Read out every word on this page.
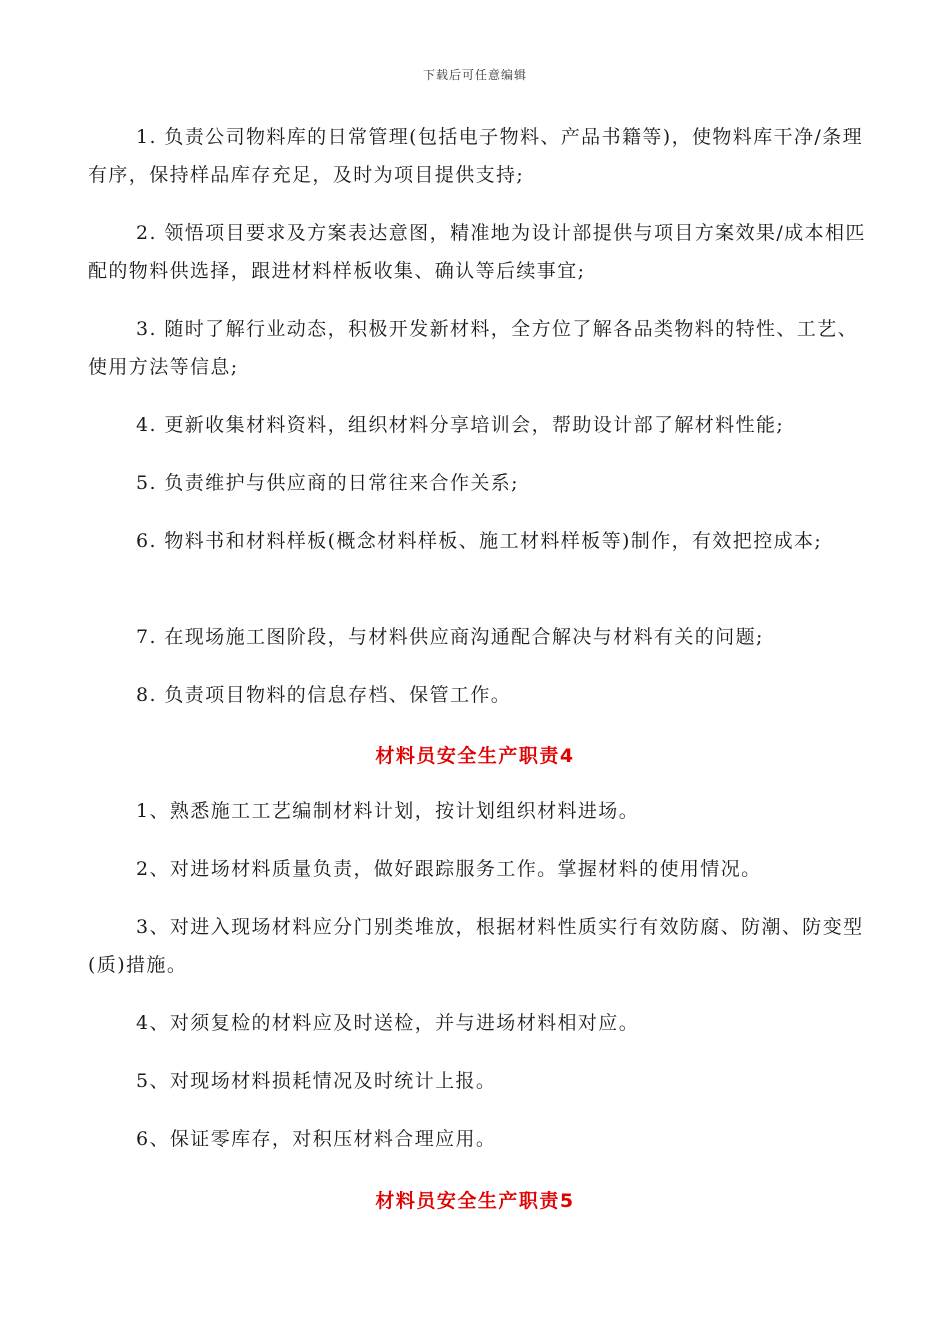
下载后可任意编辑
1. 负责公司物料库的日常管理(包括电子物料、产品书籍等)，使物料库干净/条理有序，保持样品库存充足，及时为项目提供支持;
2. 领悟项目要求及方案表达意图，精准地为设计部提供与项目方案效果/成本相匹配的物料供选择，跟进材料样板收集、确认等后续事宜;
3. 随时了解行业动态，积极开发新材料，全方位了解各品类物料的特性、工艺、使用方法等信息;
4. 更新收集材料资料，组织材料分享培训会，帮助设计部了解材料性能;
5. 负责维护与供应商的日常往来合作关系;
6. 物料书和材料样板(概念材料样板、施工材料样板等)制作，有效把控成本;
7. 在现场施工图阶段，与材料供应商沟通配合解决与材料有关的问题;
8. 负责项目物料的信息存档、保管工作。
材料员安全生产职责4
1、熟悉施工工艺编制材料计划，按计划组织材料进场。
2、对进场材料质量负责，做好跟踪服务工作。掌握材料的使用情况。
3、对进入现场材料应分门别类堆放，根据材料性质实行有效防腐、防潮、防变型(质)措施。
4、对须复检的材料应及时送检，并与进场材料相对应。
5、对现场材料损耗情况及时统计上报。
6、保证零库存，对积压材料合理应用。
材料员安全生产职责5
